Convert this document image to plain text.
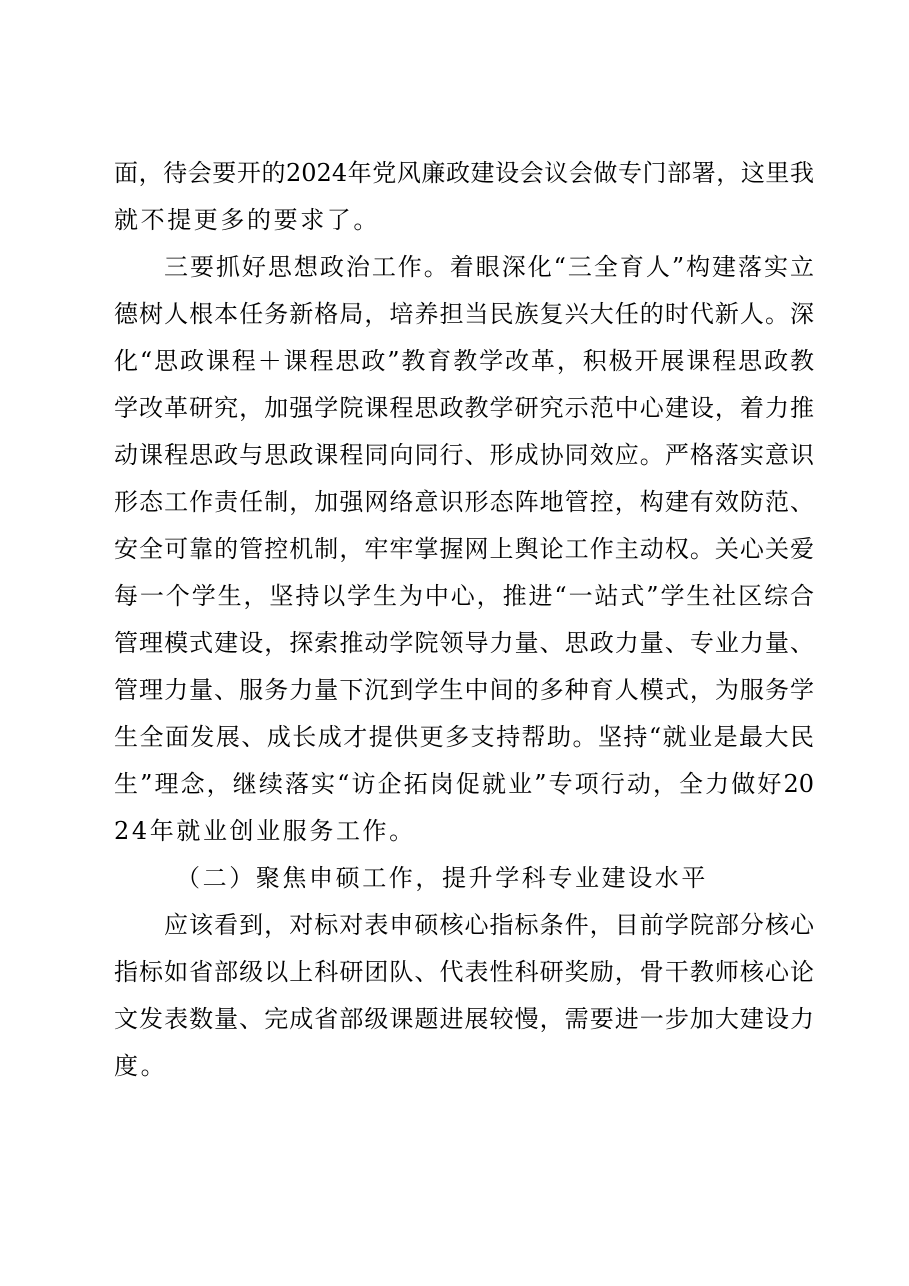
面，待会要开的2024年党风廉政建设会议会做专门部署，这里我
就不提更多的要求了。
三要抓好思想政治工作。着眼深化“三全育人”构建落实立
德树人根本任务新格局，培养担当民族复兴大任的时代新人。深
化“思政课程＋课程思政”教育教学改革，积极开展课程思政教
学改革研究，加强学院课程思政教学研究示范中心建设，着力推
动课程思政与思政课程同向同行、形成协同效应。严格落实意识
形态工作责任制，加强网络意识形态阵地管控，构建有效防范、
安全可靠的管控机制，牢牢掌握网上舆论工作主动权。关心关爱
每一个学生，坚持以学生为中心，推进“一站式”学生社区综合
管理模式建设，探索推动学院领导力量、思政力量、专业力量、
管理力量、服务力量下沉到学生中间的多种育人模式，为服务学
生全面发展、成长成才提供更多支持帮助。坚持“就业是最大民
生”理念，继续落实“访企拓岗促就业”专项行动，全力做好20
24年就业创业服务工作。
（二）聚焦申硕工作，提升学科专业建设水平
应该看到，对标对表申硕核心指标条件，目前学院部分核心
指标如省部级以上科研团队、代表性科研奖励，骨干教师核心论
文发表数量、完成省部级课题进展较慢，需要进一步加大建设力
度。
